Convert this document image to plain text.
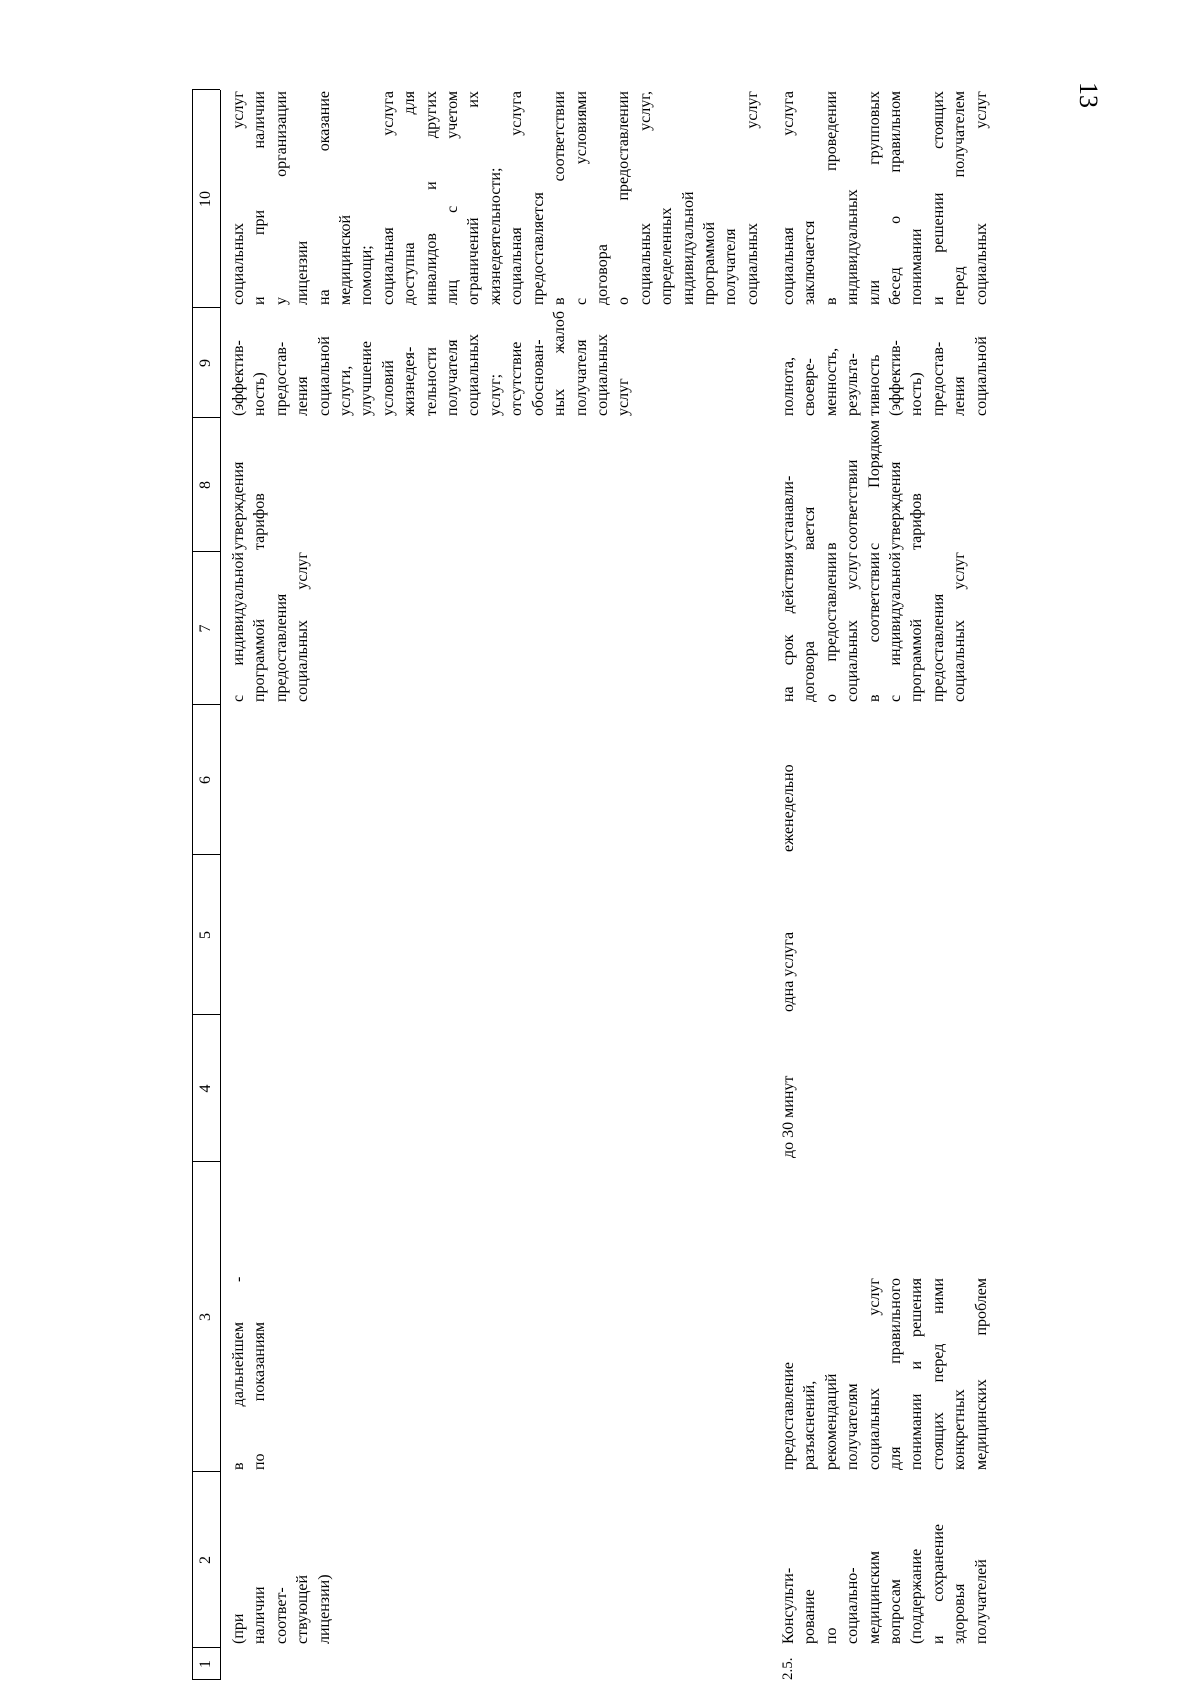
13
1
2
3
4
5
6
7
8
9
10
(при наличии соответ- ствующей лицензии)
в дальнейшем по показаниям
-
с индивидуальной программой предоставления социальных услуг
утверждения тарифов
(эффектив- ность) предостав- ления социальной услуги, улучшение условий жизнедея- тельности получателя социальных услуг; отсутствие обоснован- ных жалоб получателя социальных услуг
социальных услуг и при наличии у организации лицензии на оказание медицинской помощи; социальная услуга доступна для инвалидов и других лиц с учетом ограничений их жизнедеятельности; социальная услуга предоставляется в соответствии с условиями договора о предоставлении социальных услуг, определенных индивидуальной программой получателя социальных услуг
2.5.
Консульти- рование по социально- медицинским вопросам (поддержание и сохранение здоровья получателей
предоставление разъяснений, рекомендаций получателям социальных услуг для правильного понимании и решения стоящих перед ними конкретных медицинских проблем
до 30 минут
одна услуга
еженедельно
на срок действия договора о предоставлении социальных услуг в соответствии с индивидуальной программой предоставления социальных услуг
устанавли- вается в соответствии с Порядком утверждения тарифов
полнота, своевре- менность, результа- тивность (эффектив- ность) предостав- ления социальной
социальная услуга заключается в проведении индивидуальных или групповых бесед о правильном понимании и решении стоящих перед получателем социальных услуг
